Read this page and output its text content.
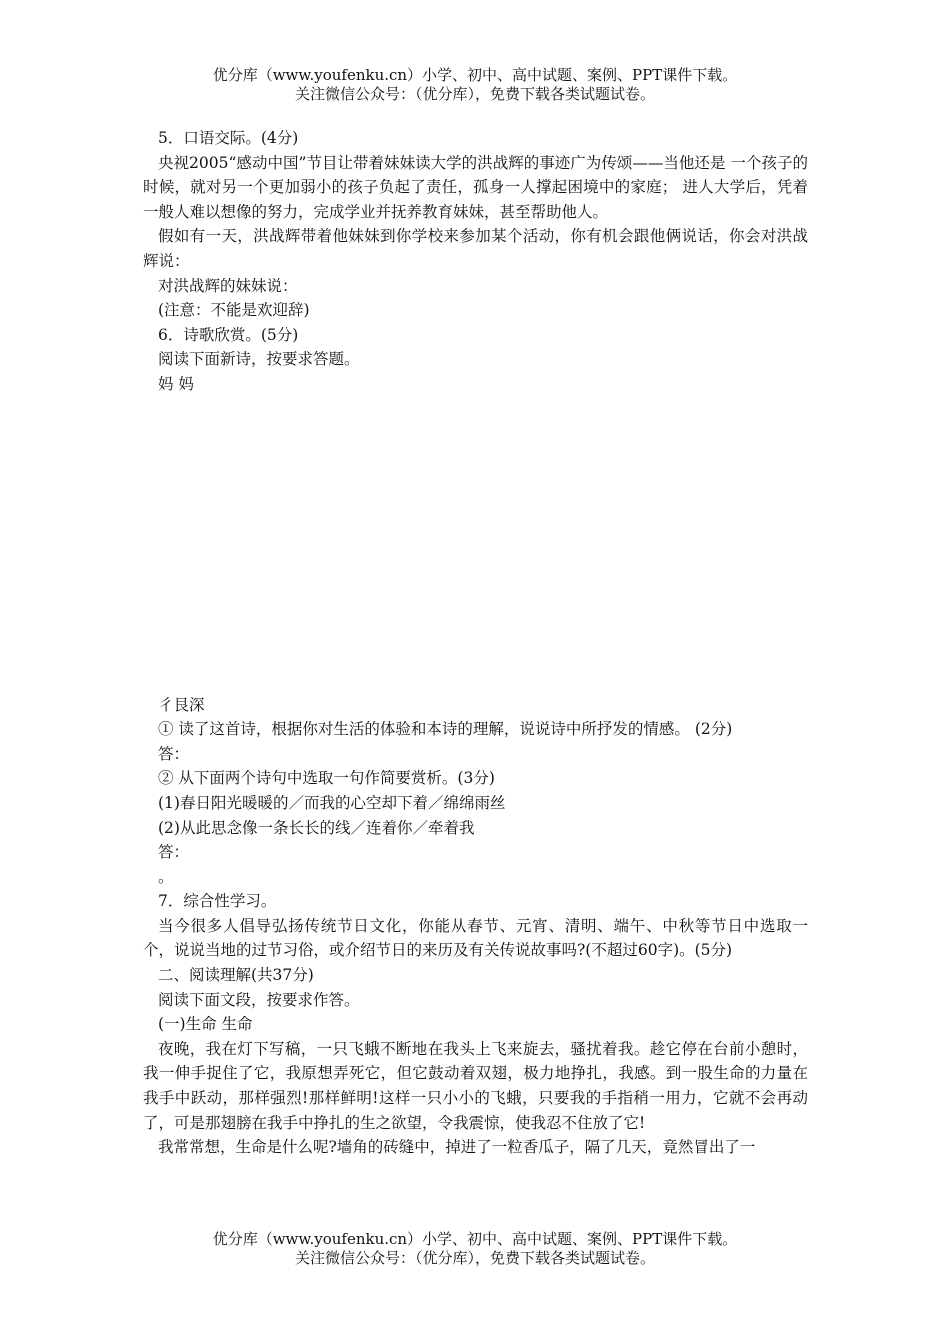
优分库（www.youfenku.cn）小学、初中、高中试题、案例、PPT课件下载。
关注微信公众号：（优分库），免费下载各类试题试卷。

5．口语交际。(4分)

央视2005“感动中国”节目让带着妹妹读大学的洪战辉的事迹广为传颂——当他还是 一个孩子的时候，就对另一个更加弱小的孩子负起了责任，孤身一人撑起困境中的家庭； 进人大学后，凭着一般人难以想像的努力，完成学业并抚养教育妹妹，甚至帮助他人。

假如有一天，洪战辉带着他妹妹到你学校来参加某个活动，你有机会跟他俩说话，你会对洪战辉说：

对洪战辉的妹妹说：

(注意：不能是欢迎辞)

6．诗歌欣赏。(5分)

阅读下面新诗，按要求答题。

妈 妈

彳艮深

① 读了这首诗，根据你对生活的体验和本诗的理解，说说诗中所抒发的情感。 (2分)

答：

② 从下面两个诗句中选取一句作简要赏析。(3分)

(1)春日阳光暖暖的／而我的心空却下着／绵绵雨丝

(2)从此思念像一条长长的线／连着你／牵着我

答：

。

7．综合性学习。

当今很多人倡导弘扬传统节日文化，你能从春节、元宵、清明、端午、中秋等节日中选取一个，说说当地的过节习俗，或介绍节日的来历及有关传说故事吗?(不超过60字)。(5分)

二、阅读理解(共37分)

阅读下面文段，按要求作答。

(一)生命 生命

夜晚，我在灯下写稿，一只飞蛾不断地在我头上飞来旋去，骚扰着我。趁它停在台前小憩时，我一伸手捉住了它，我原想弄死它，但它鼓动着双翅，极力地挣扎，我感。到一股生命的力量在我手中跃动，那样强烈!那样鲜明!这样一只小小的飞蛾，只要我的手指稍一用力，它就不会再动了，可是那翅膀在我手中挣扎的生之欲望，令我震惊，使我忍不住放了它!

我常常想，生命是什么呢?墙角的砖缝中，掉进了一粒香瓜子，隔了几天，竟然冒出了一

优分库（www.youfenku.cn）小学、初中、高中试题、案例、PPT课件下载。
关注微信公众号：（优分库），免费下载各类试题试卷。
